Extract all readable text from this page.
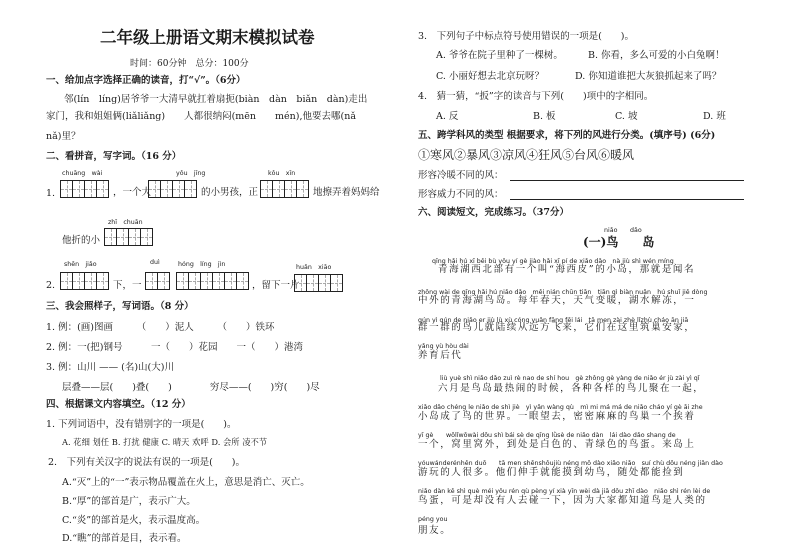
二年级上册语文期末模拟试卷
时间：60分钟　总分：100分
一、给加点字选择正确的读音，打“√”。（6分）
邻(lín　líng)居爷爷一大清早就扛着扇扼(biàn　dàn　biǎn　dàn)走出
家门，我和姐姐俩(liǎliǎng)　　人都很纳闷(mēn　　mén),他要去哪(nǎ
nǎ)里？
二、看拼音，写字词。（16 分）
chuāng　wài	yǒu　jīng	kǒu　xīn
1.	，一个大	的小男孩，正	地擦弄着妈妈给
zhī　chuān
他折的小
shēn　jiǎo	duì	hóng　líng　jìn	huǎn　xiāo
2.	下，一	，留下一片
三、我会照样子，写词语。（8 分）
1. 例：(画)图画　　　（　　）泥人　　　（　　）铁环
2. 例：一(把)钢号　　　一（　　）花园　　一（　　）港湾
3. 例：山川 —— (名)山(大)川
层叠——层(　　)叠(　　)　　　　穷尽——(　　)穷(　　)尽
四、根据课文内容填空。（12 分）
1. 下列词语中，没有错别字的一项是(　　)。
A. 花细 划任 B. 打扰 健康 C. 晴天 欢呼 D. 会所 凌不节
2.　下列有关汉字的说法有误的一项是(　　)。
A.“灭”上的“一”表示物品覆盖在火上，意思是消亡、灭亡。
B.“厚”的部首是广，表示广大。
C.“炎”的部首是火，表示温度高。
D.“瞧”的部首是目，表示看。
3.　下列句子中标点符号使用错误的一项是(　　)。
A. 爷爷在院子里种了一棵树。	B. 你看，多么可爱的小白兔啊！
C. 小丽好想去北京玩呀？	D. 你知道谁把大灰狼抓起来了吗？
4.　猜一猜，“扳”字的读音与下列(　　)项中的字相同。
A. 反	B. 板	C. 坡	D. 班
五、跨学科风的类型 根据要求，将下列的风进行分类。(填序号) (6分)
①寒风②暴风③凉风④狂风⑤台风⑥暖风
形容冷暖不同的风：
形容威力不同的风：
六、阅读短文，完成练习。（37分）
niǎo　　dǎo
(一)鸟　　岛
qīng hǎi hú xī běi bù yǒu yí gè jiào hǎi xī pí de xiǎo dǎo　nà jiù shì wén míng
青海湖西北部有一个叫“海西皮”的小岛，那就是闻名
zhōng wài de qīng hǎi hú niǎo dǎo　měi nián chūn tiān　tiān qì biàn nuǎn　hú shuǐ jiě dòng　
中外的青海湖鸟岛。每年春天，天气变暖，湖水解冻，一
qún yì qún de niǎo er jiù lù xù cóng yuǎn fāng fēi lái　tā men zài zhè lǐzhù cháo ān jiā
群一群的鸟儿就陆续从远方飞来，它们在这里筑巢安家，
yǎng yù hòu dài
养育后代
liù yuè shì niǎo dǎo zuì rè nao de shí hou　gè zhǒng gè yàng de niǎo ér jù zài yì qǐ
六月是鸟岛最热闹的时候，各种各样的鸟儿聚在一起，
xiǎo dǎo chéng le niǎo de shì jiè　yì yǎn wàng qù　mì mi má má de niǎo cháo yí gè āi zhe
小岛成了鸟的世界。一眼望去，密密麻麻的鸟巢一个挨着
yī gè　　wōlǐwōwài dōu shì bái sè de qīng lǜsè de niǎo dàn　lái dào dǎo shang de
一个，窝里窝外，到处是白色的、青绿色的鸟蛋。来岛上
yóuwánderénhěn duō　　tā men shēnshǒujiù néng mō dào xiǎo niǎo　suí chù dōu néng jiǎn dào
游玩的人很多。他们伸手就能摸到幼鸟，随处都能捡到
niǎo dàn kě shì què méi yǒu rén qù pèng yí xià yīn wèi dà jiā dōu zhī dào　niǎo shì rén lèi de
鸟蛋，可是却没有人去碰一下，因为大家都知道鸟是人类的
péng you
朋友。
